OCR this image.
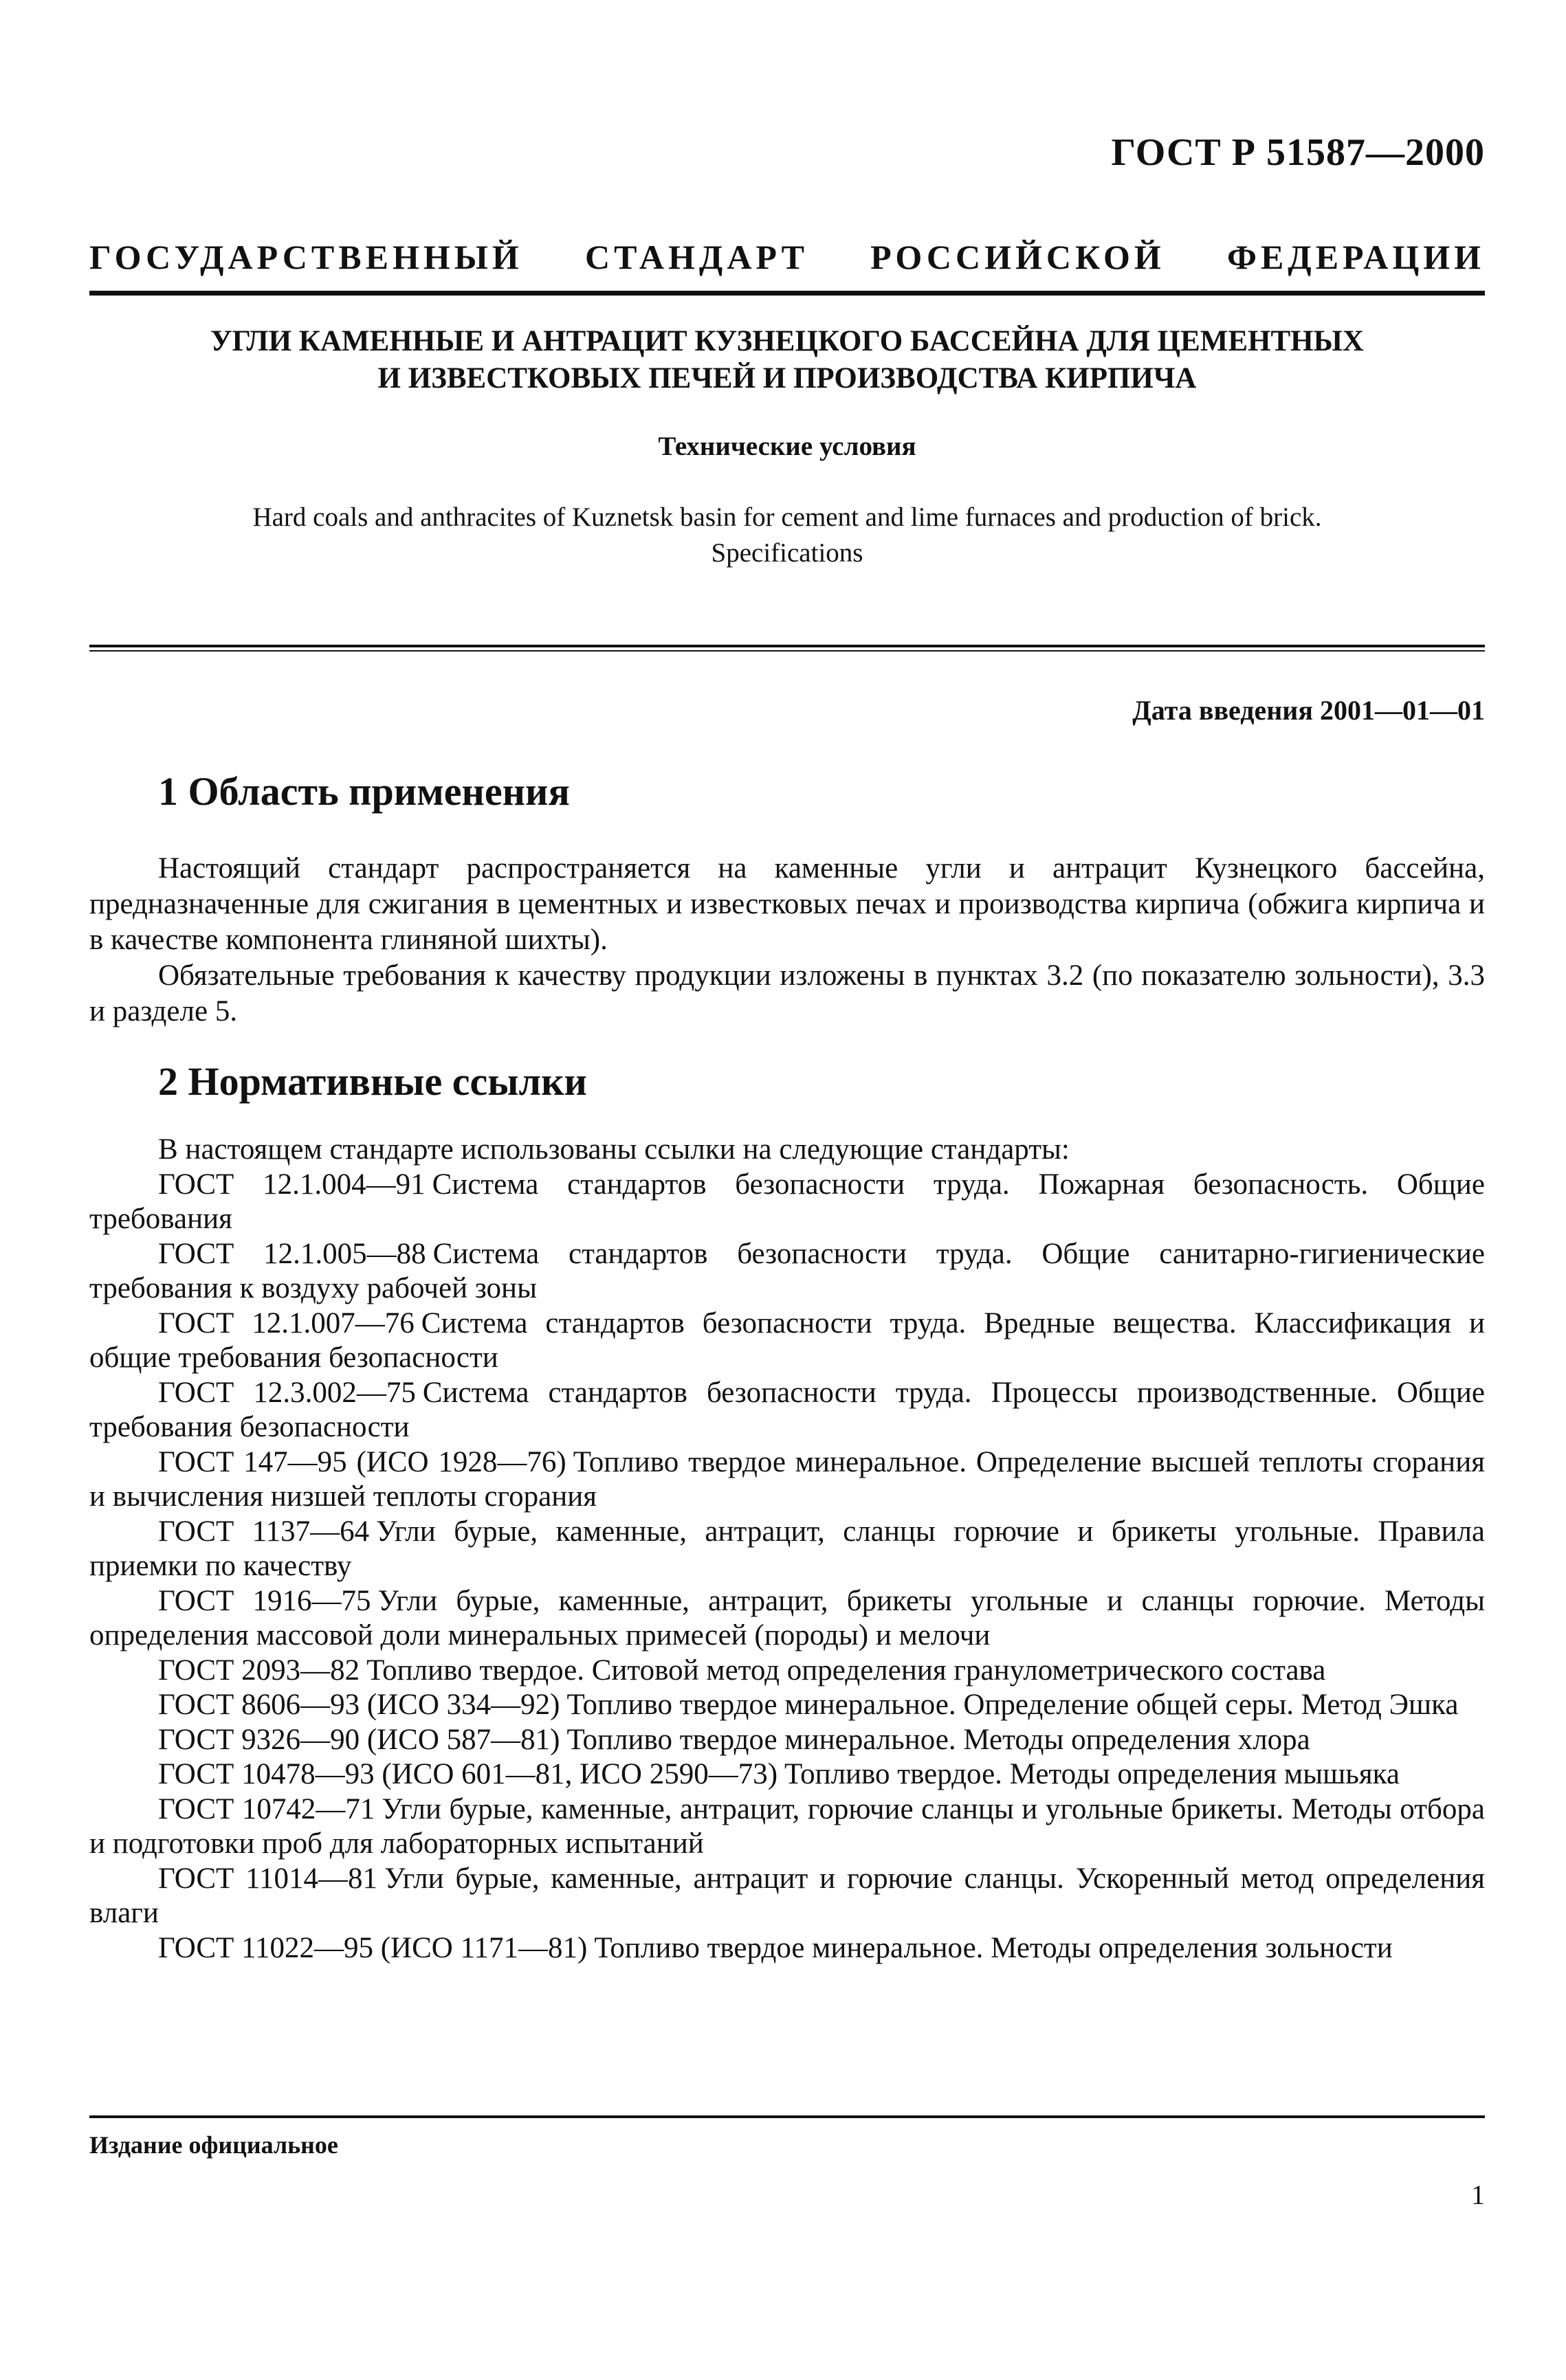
ГОСТ Р 51587—2000
ГОСУДАРСТВЕННЫЙ СТАНДАРТ РОССИЙСКОЙ ФЕДЕРАЦИИ
УГЛИ КАМЕННЫЕ И АНТРАЦИТ КУЗНЕЦКОГО БАССЕЙНА ДЛЯ ЦЕМЕНТНЫХ
И ИЗВЕСТКОВЫХ ПЕЧЕЙ И ПРОИЗВОДСТВА КИРПИЧА
Технические условия
Hard coals and anthracites of Kuznetsk basin for cement and lime furnaces and production of brick.
Specifications
Дата введения 2001—01—01
1 Область применения

Настоящий стандарт распространяется на каменные угли и антрацит Кузнецкого бассейна, предназначенные для сжигания в цементных и известковых печах и производства кирпича (обжига кирпича и в качестве компонента глиняной шихты).

Обязательные требования к качеству продукции изложены в пунктах 3.2 (по показателю зольности), 3.3 и разделе 5.

2 Нормативные ссылки

В настоящем стандарте использованы ссылки на следующие стандарты:

ГОСТ 12.1.004—91 Система стандартов безопасности труда. Пожарная безопасность. Общие требования

ГОСТ 12.1.005—88 Система стандартов безопасности труда. Общие санитарно-гигиенические требования к воздуху рабочей зоны

ГОСТ 12.1.007—76 Система стандартов безопасности труда. Вредные вещества. Классификация и общие требования безопасности

ГОСТ 12.3.002—75 Система стандартов безопасности труда. Процессы производственные. Общие требования безопасности

ГОСТ 147—95 (ИСО 1928—76) Топливо твердое минеральное. Определение высшей теплоты сгорания и вычисления низшей теплоты сгорания

ГОСТ 1137—64 Угли бурые, каменные, антрацит, сланцы горючие и брикеты угольные. Правила приемки по качеству

ГОСТ 1916—75 Угли бурые, каменные, антрацит, брикеты угольные и сланцы горючие. Методы определения массовой доли минеральных примесей (породы) и мелочи

ГОСТ 2093—82 Топливо твердое. Ситовой метод определения гранулометрического состава

ГОСТ 8606—93 (ИСО 334—92) Топливо твердое минеральное. Определение общей серы. Метод Эшка

ГОСТ 9326—90 (ИСО 587—81) Топливо твердое минеральное. Методы определения хлора

ГОСТ 10478—93 (ИСО 601—81, ИСО 2590—73) Топливо твердое. Методы определения мышьяка

ГОСТ 10742—71 Угли бурые, каменные, антрацит, горючие сланцы и угольные брикеты. Методы отбора и подготовки проб для лабораторных испытаний

ГОСТ 11014—81 Угли бурые, каменные, антрацит и горючие сланцы. Ускоренный метод определения влаги

ГОСТ 11022—95 (ИСО 1171—81) Топливо твердое минеральное. Методы определения зольности

Издание официальное
1
